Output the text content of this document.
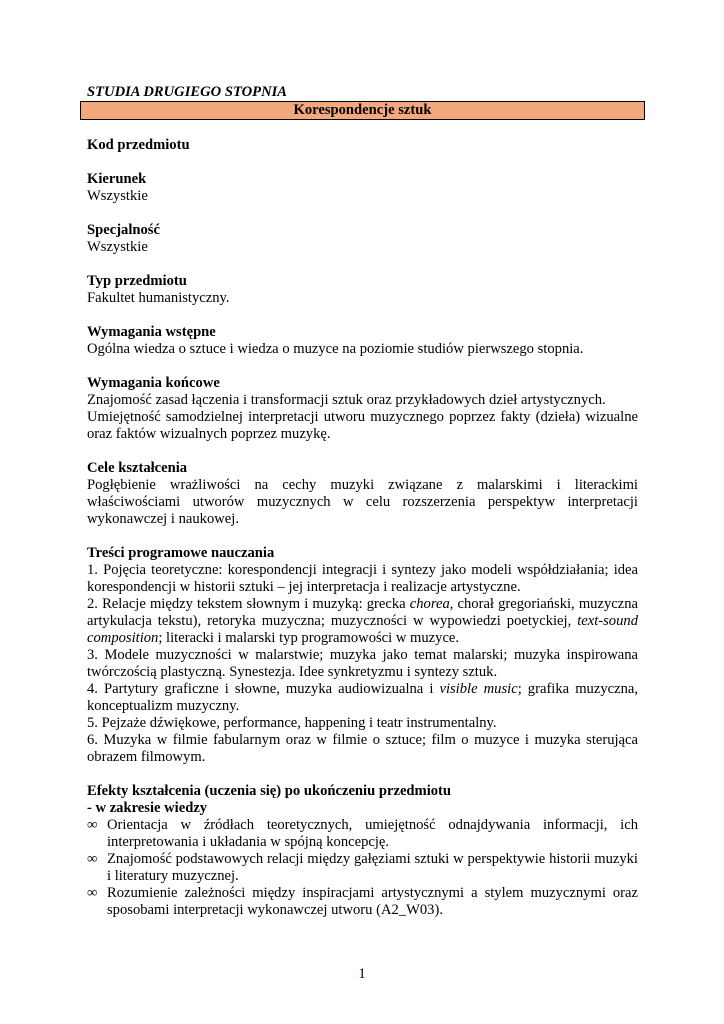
STUDIA DRUGIEGO STOPNIA

Korespondencje sztuk

Kod przedmiotu

Kierunek

Wszystkie

Specjalność

Wszystkie

Typ przedmiotu

Fakultet humanistyczny.

Wymagania wstępne

Ogólna wiedza o sztuce i wiedza o muzyce na poziomie studiów pierwszego stopnia.

Wymagania końcowe

Znajomość zasad łączenia i transformacji sztuk oraz przykładowych dzieł artystycznych.

Umiejętność samodzielnej interpretacji utworu muzycznego poprzez fakty (dzieła) wizualne oraz faktów wizualnych poprzez muzykę.

Cele kształcenia

Pogłębienie wrażliwości na cechy muzyki związane z malarskimi i literackimi właściwościami utworów muzycznych w celu rozszerzenia perspektyw interpretacji wykonawczej i naukowej.

Treści programowe nauczania

1. Pojęcia teoretyczne: korespondencji integracji i syntezy jako modeli współdziałania; idea korespondencji w historii sztuki – jej interpretacja i realizacje artystyczne.

2. Relacje między tekstem słownym i muzyką: grecka chorea, chorał gregoriański, muzyczna artykulacja tekstu), retoryka muzyczna; muzyczności w wypowiedzi poetyckiej, text-sound composition; literacki i malarski typ programowości w muzyce.

3. Modele muzyczności w malarstwie; muzyka jako temat malarski; muzyka inspirowana twórczością plastyczną. Synestezja. Idee synkretyzmu i syntezy sztuk.

4. Partytury graficzne i słowne, muzyka audiowizualna i visible music; grafika muzyczna, konceptualizm muzyczny.

5. Pejzaże dźwiękowe, performance, happening i teatr instrumentalny.

6. Muzyka w filmie fabularnym oraz w filmie o sztuce; film o muzyce i muzyka sterująca obrazem filmowym.

Efekty kształcenia (uczenia się) po ukończeniu przedmiotu

- w zakresie wiedzy

∞ Orientacja w źródłach teoretycznych, umiejętność odnajdywania informacji, ich interpretowania i układania w spójną koncepcję.
∞ Znajomość podstawowych relacji między gałęziami sztuki w perspektywie historii muzyki i literatury muzycznej.
∞ Rozumienie zależności między inspiracjami artystycznymi a stylem muzycznymi oraz sposobami interpretacji wykonawczej utworu (A2_W03).
1
